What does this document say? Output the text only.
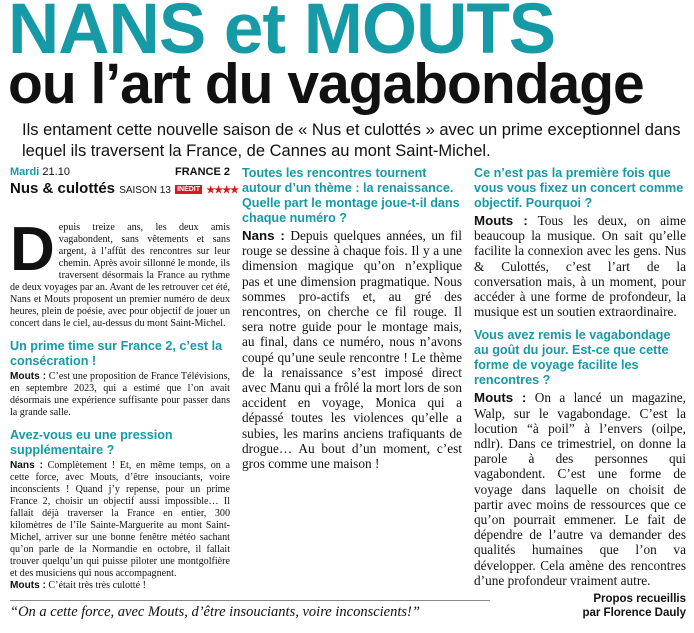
NANS et MOUTS
ou l’art du vagabondage
Ils entament cette nouvelle saison de « Nus et culottés » avec un prime exceptionnel dans lequel ils traversent la France, de Cannes au mont Saint-Michel.
Mardi 21.10	FRANCE 2
Nus & culottés SAISON 13 INÉDIT ★★★★

Depuis treize ans, les deux amis vagabondent, sans vêtements et sans argent, à l’affût des rencontres sur leur chemin. Après avoir sillonné le monde, ils traversent désormais la France au rythme de deux voyages par an. Avant de les retrouver cet été, Nans et Mouts proposent un premier numéro de deux heures, plein de poésie, avec pour objectif de jouer un concert dans le ciel, au-dessus du mont Saint-Michel.

Un prime time sur France 2, c’est la consécration !

Mouts : C’est une proposition de France Télévisions, en septembre 2023, qui a estimé que l’on avait désormais une expérience suffisante pour passer dans la grande salle.

Avez-vous eu une pression supplémentaire ?

Nans : Complètement ! Et, en même temps, on a cette force, avec Mouts, d’être insouciants, voire inconscients ! Quand j’y repense, pour un prime France 2, choisir un objectif aussi impossible… Il fallait déjà traverser la France en entier, 300 kilomètres de l’île Sainte-Marguerite au mont Saint-Michel, arriver sur une bonne fenêtre météo sachant qu’on parle de la Normandie en octobre, il fallait trouver quelqu’un qui puisse piloter une montgolfière et des musiciens qui nous accompagnent.
Mouts : C’était très très culotté !

Toutes les rencontres tournent autour d’un thème : la renaissance. Quelle part le montage joue-t-il dans chaque numéro ?

Nans : Depuis quelques années, un fil rouge se dessine à chaque fois. Il y a une dimension magique qu’on n’explique pas et une dimension pragmatique. Nous sommes pro-actifs et, au gré des rencontres, on cherche ce fil rouge. Il sera notre guide pour le montage mais, au final, dans ce numéro, nous n’avons coupé qu’une seule rencontre ! Le thème de la renaissance s’est imposé direct avec Manu qui a frôlé la mort lors de son accident en voyage, Monica qui a dépassé toutes les violences qu’elle a subies, les marins anciens trafiquants de drogue… Au bout d’un moment, c’est gros comme une maison !

Ce n’est pas la première fois que vous vous fixez un concert comme objectif. Pourquoi ?

Mouts : Tous les deux, on aime beaucoup la musique. On sait qu’elle facilite la connexion avec les gens. Nus & Culottés, c’est l’art de la conversation mais, à un moment, pour accéder à une forme de profondeur, la musique est un soutien extraordinaire.

Vous avez remis le vagabondage au goût du jour. Est-ce que cette forme de voyage facilite les rencontres ?

Mouts : On a lancé un magazine, Walp, sur le vagabondage. C’est la locution “à poil” à l’envers (oilpe, ndlr). Dans ce trimestriel, on donne la parole à des personnes qui vagabondent. C’est une forme de voyage dans laquelle on choisit de partir avec moins de ressources que ce qu’on pourrait emmener. Le fait de dépendre de l’autre va demander des qualités humaines que l’on va développer. Cela amène des rencontres d’une profondeur vraiment autre.

Propos recueillis
par Florence Dauly
“On a cette force, avec Mouts, d’être insouciants, voire inconscients!”
